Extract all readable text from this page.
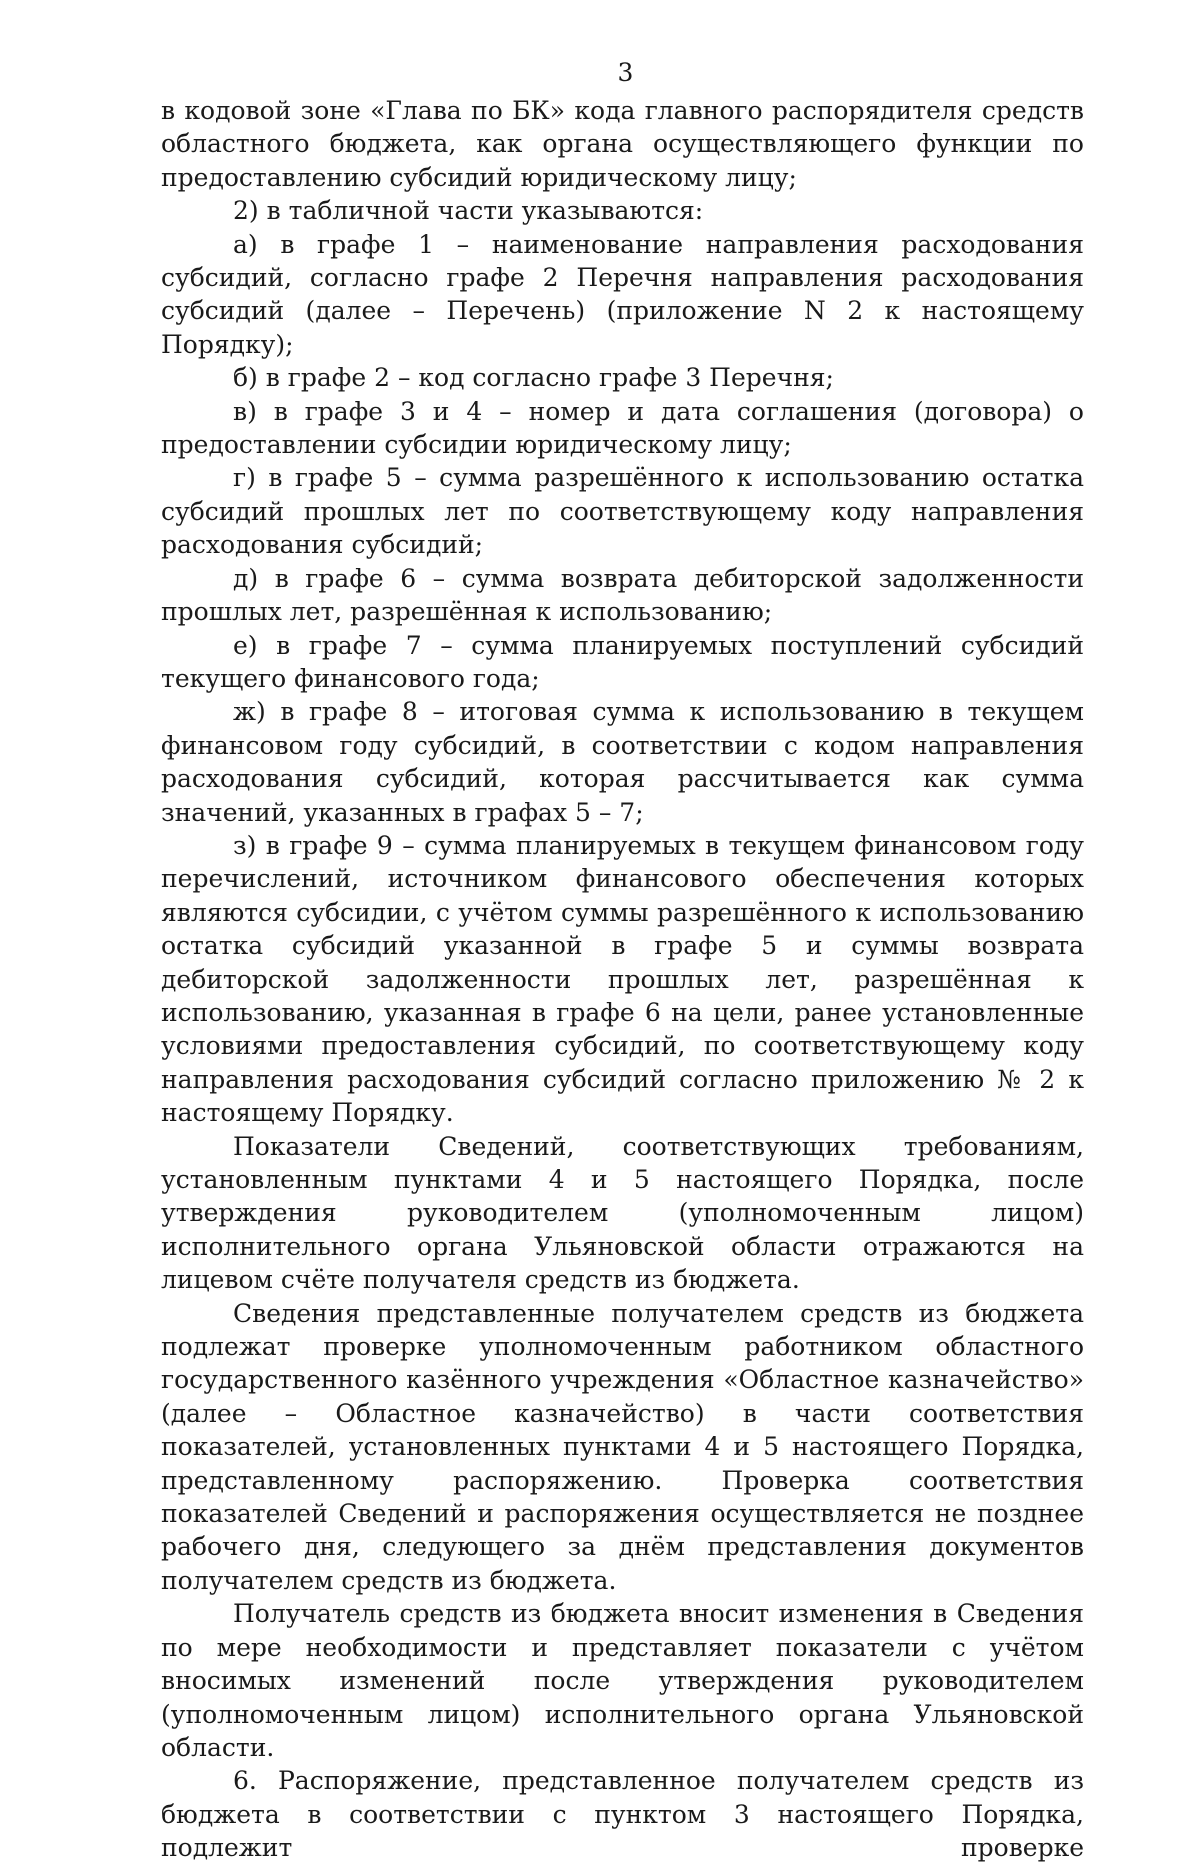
3

в кодовой зоне «Глава по БК» кода главного распорядителя средств областного бюджета, как органа осуществляющего функции по предоставлению субсидий юридическому лицу;

2) в табличной части указываются:

а) в графе 1 – наименование направления расходования субсидий, согласно графе 2 Перечня направления расходования субсидий (далее – Перечень) (приложение N 2 к настоящему Порядку);

б) в графе 2 – код согласно графе 3 Перечня;

в) в графе 3 и 4 – номер и дата соглашения (договора) о предоставлении субсидии юридическому лицу;

г) в графе 5 – сумма разрешённого к использованию остатка субсидий прошлых лет по соответствующему коду направления расходования субсидий;

д) в графе 6 – сумма возврата дебиторской задолженности прошлых лет, разрешённая к использованию;

е) в графе 7 – сумма планируемых поступлений субсидий текущего финансового года;

ж) в графе 8 – итоговая сумма к использованию в текущем финансовом году субсидий, в соответствии с кодом направления расходования субсидий, которая рассчитывается как сумма значений, указанных в графах 5 – 7;

з) в графе 9 – сумма планируемых в текущем финансовом году перечислений, источником финансового обеспечения которых являются субсидии, с учётом суммы разрешённого к использованию остатка субсидий указанной в графе 5 и суммы возврата дебиторской задолженности прошлых лет, разрешённая к использованию, указанная в графе 6 на цели, ранее установленные условиями предоставления субсидий, по соответствующему коду направления расходования субсидий согласно приложению № 2 к настоящему Порядку.

Показатели Сведений, соответствующих требованиям, установленным пунктами 4 и 5 настоящего Порядка, после утверждения руководителем (уполномоченным лицом) исполнительного органа Ульяновской области отражаются на лицевом счёте получателя средств из бюджета.

Сведения представленные получателем средств из бюджета подлежат проверке уполномоченным работником областного государственного казённого учреждения «Областное казначейство» (далее – Областное казначейство) в части соответствия показателей, установленных пунктами 4 и 5 настоящего Порядка, представленному распоряжению. Проверка соответствия показателей Сведений и распоряжения осуществляется не позднее рабочего дня, следующего за днём представления документов получателем средств из бюджета.

Получатель средств из бюджета вносит изменения в Сведения по мере необходимости и представляет показатели с учётом вносимых изменений после утверждения руководителем (уполномоченным лицом) исполнительного органа Ульяновской области.

6. Распоряжение, представленное получателем средств из бюджета в соответствии с пунктом 3 настоящего Порядка, подлежит проверке
